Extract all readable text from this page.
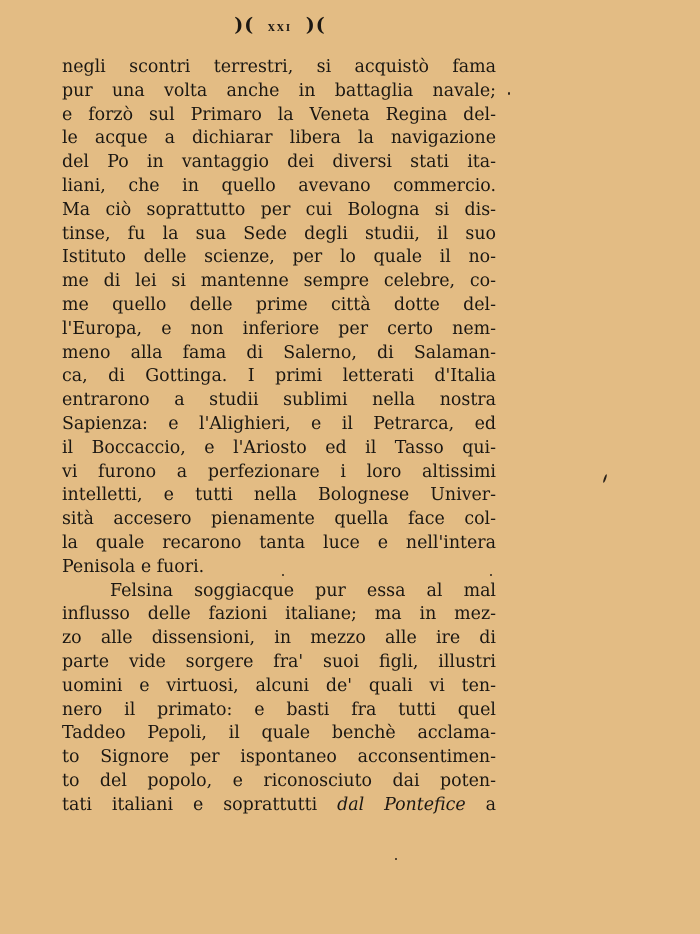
)( xxi )(
negli scontri terrestri, si acquistò fama
pur una volta anche in battaglia navale;
e forzò sul Primaro la Veneta Regina del-
le acque a dichiarar libera la navigazione
del Po in vantaggio dei diversi stati ita-
liani, che in quello avevano commercio.
Ma ciò soprattutto per cui Bologna si dis-
tinse, fu la sua Sede degli studii, il suo
Istituto delle scienze, per lo quale il no-
me di lei si mantenne sempre celebre, co-
me quello delle prime città dotte del-
l'Europa, e non inferiore per certo nem-
meno alla fama di Salerno, di Salaman-
ca, di Gottinga. I primi letterati d'Italia
entrarono a studii sublimi nella nostra
Sapienza: e l'Alighieri, e il Petrarca, ed
il Boccaccio, e l'Ariosto ed il Tasso qui-
vi furono a perfezionare i loro altissimi
intelletti, e tutti nella Bolognese Univer-
sità accesero pienamente quella face col-
la quale recarono tanta luce e nell'intera
Penisola e fuori.
Felsina soggiacque pur essa al mal
influsso delle fazioni italiane; ma in mez-
zo alle dissensioni, in mezzo alle ire di
parte vide sorgere fra' suoi figli, illustri
uomini e virtuosi, alcuni de' quali vi ten-
nero il primato: e basti fra tutti quel
Taddeo Pepoli, il quale benchè acclama-
to Signore per ispontaneo acconsentimen-
to del popolo, e riconosciuto dai poten-
tati italiani e soprattutti dal Pontefice a
